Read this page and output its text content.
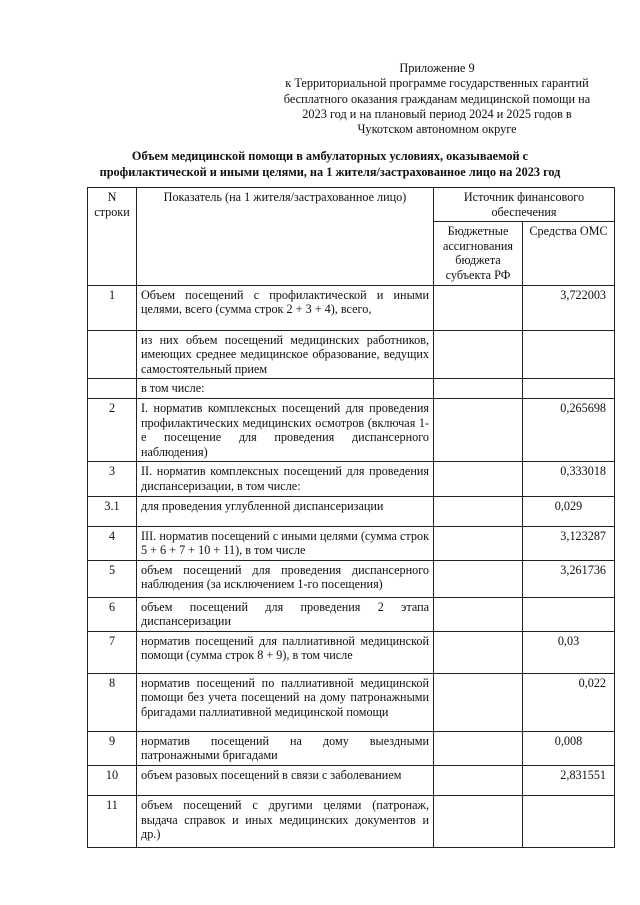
Приложение 9
к Территориальной программе государственных гарантий
бесплатного оказания гражданам медицинской помощи на
2023 год и на плановый период 2024 и 2025 годов в
Чукотском автономном округе
Объем медицинской помощи в амбулаторных условиях, оказываемой с
профилактической и иными целями, на 1 жителя/застрахованное лицо на 2023 год
N строки	Показатель (на 1 жителя/застрахованное лицо)	Источник финансового обеспечения	
		Бюджетные ассигнования бюджета субъекта РФ	Средства ОМС
1	Объем посещений с профилактической и иными целями, всего (сумма строк 2 + 3 + 4), всего,		3,722003
	из них объем посещений медицинских работников, имеющих среднее медицинское образование, ведущих самостоятельный прием		
	в том числе:		
2	I. норматив комплексных посещений для проведения профилактических медицинских осмотров (включая 1-е посещение для проведения диспансерного наблюдения)		0,265698
3	II. норматив комплексных посещений для проведения диспансеризации, в том числе:		0,333018
3.1	для проведения углубленной диспансеризации		0,029
4	III. норматив посещений с иными целями (сумма строк 5 + 6 + 7 + 10 + 11), в том числе		3,123287
5	объем посещений для проведения диспансерного наблюдения (за исключением 1-го посещения)		3,261736
6	объем посещений для проведения 2 этапа диспансеризации		
7	норматив посещений для паллиативной медицинской помощи (сумма строк 8 + 9), в том числе		0,03
8	норматив посещений по паллиативной медицинской помощи без учета посещений на дому патронажными бригадами паллиативной медицинской помощи		0,022
9	норматив посещений на дому выездными патронажными бригадами		0,008
10	объем разовых посещений в связи с заболеванием		2,831551
11	объем посещений с другими целями (патронаж, выдача справок и иных медицинских документов и др.)		
